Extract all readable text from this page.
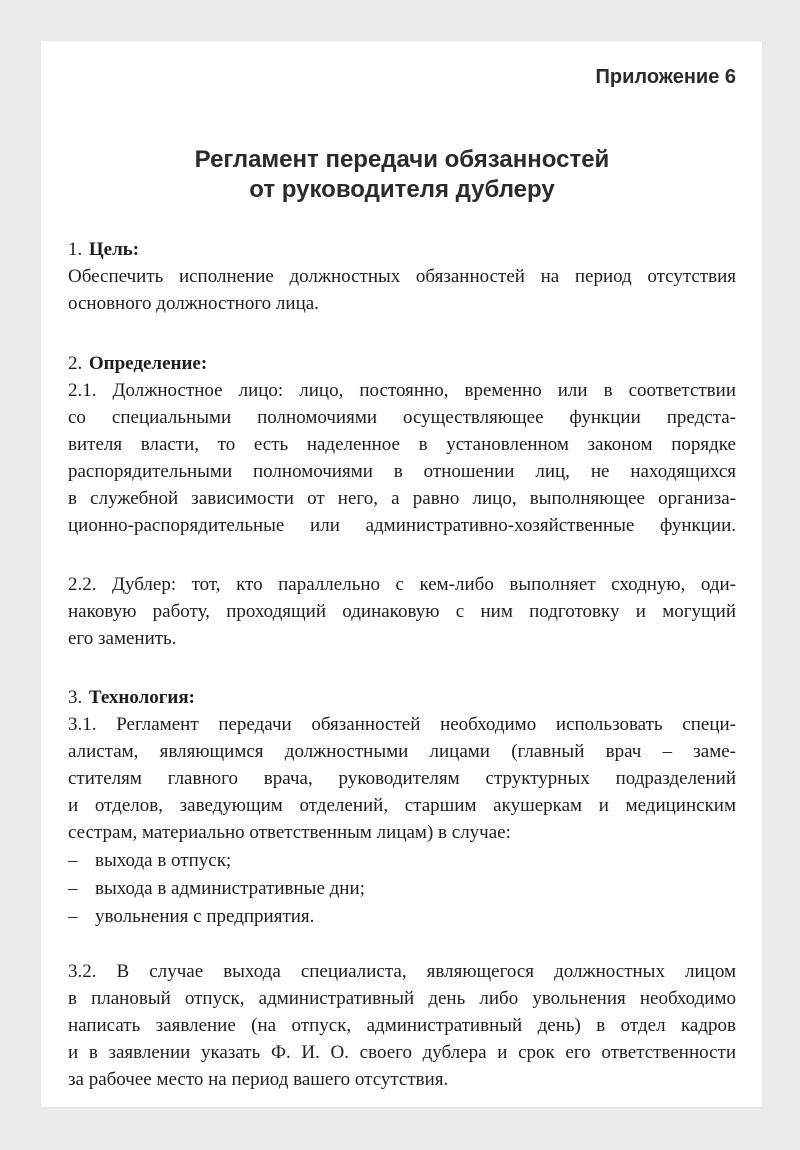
Приложение 6
Регламент передачи обязанностей
от руководителя дублеру
1. Цель:
Обеспечить исполнение должностных обязанностей на период отсутствия
основного должностного лица.
2. Определение:
2.1. Должностное лицо: лицо, постоянно, временно или в соответствии
со специальными полномочиями осуществляющее функции предста-
вителя власти, то есть наделенное в установленном законом порядке
распорядительными полномочиями в отношении лиц, не находящихся
в служебной зависимости от него, а равно лицо, выполняющее организа-
ционно-распорядительные или административно-хозяйственные функции.
2.2. Дублер: тот, кто параллельно с кем-либо выполняет сходную, оди-
наковую работу, проходящий одинаковую с ним подготовку и могущий
его заменить.
3. Технология:
3.1. Регламент передачи обязанностей необходимо использовать специ-
алистам, являющимся должностными лицами (главный врач – заме-
стителям главного врача, руководителям структурных подразделений
и отделов, заведующим отделений, старшим акушеркам и медицинским
сестрам, материально ответственным лицам) в случае:
– выхода в отпуск;
– выхода в административные дни;
– увольнения с предприятия.
3.2. В случае выхода специалиста, являющегося должностных лицом
в плановый отпуск, административный день либо увольнения необходимо
написать заявление (на отпуск, административный день) в отдел кадров
и в заявлении указать Ф. И. О. своего дублера и срок его ответственности
за рабочее место на период вашего отсутствия.
